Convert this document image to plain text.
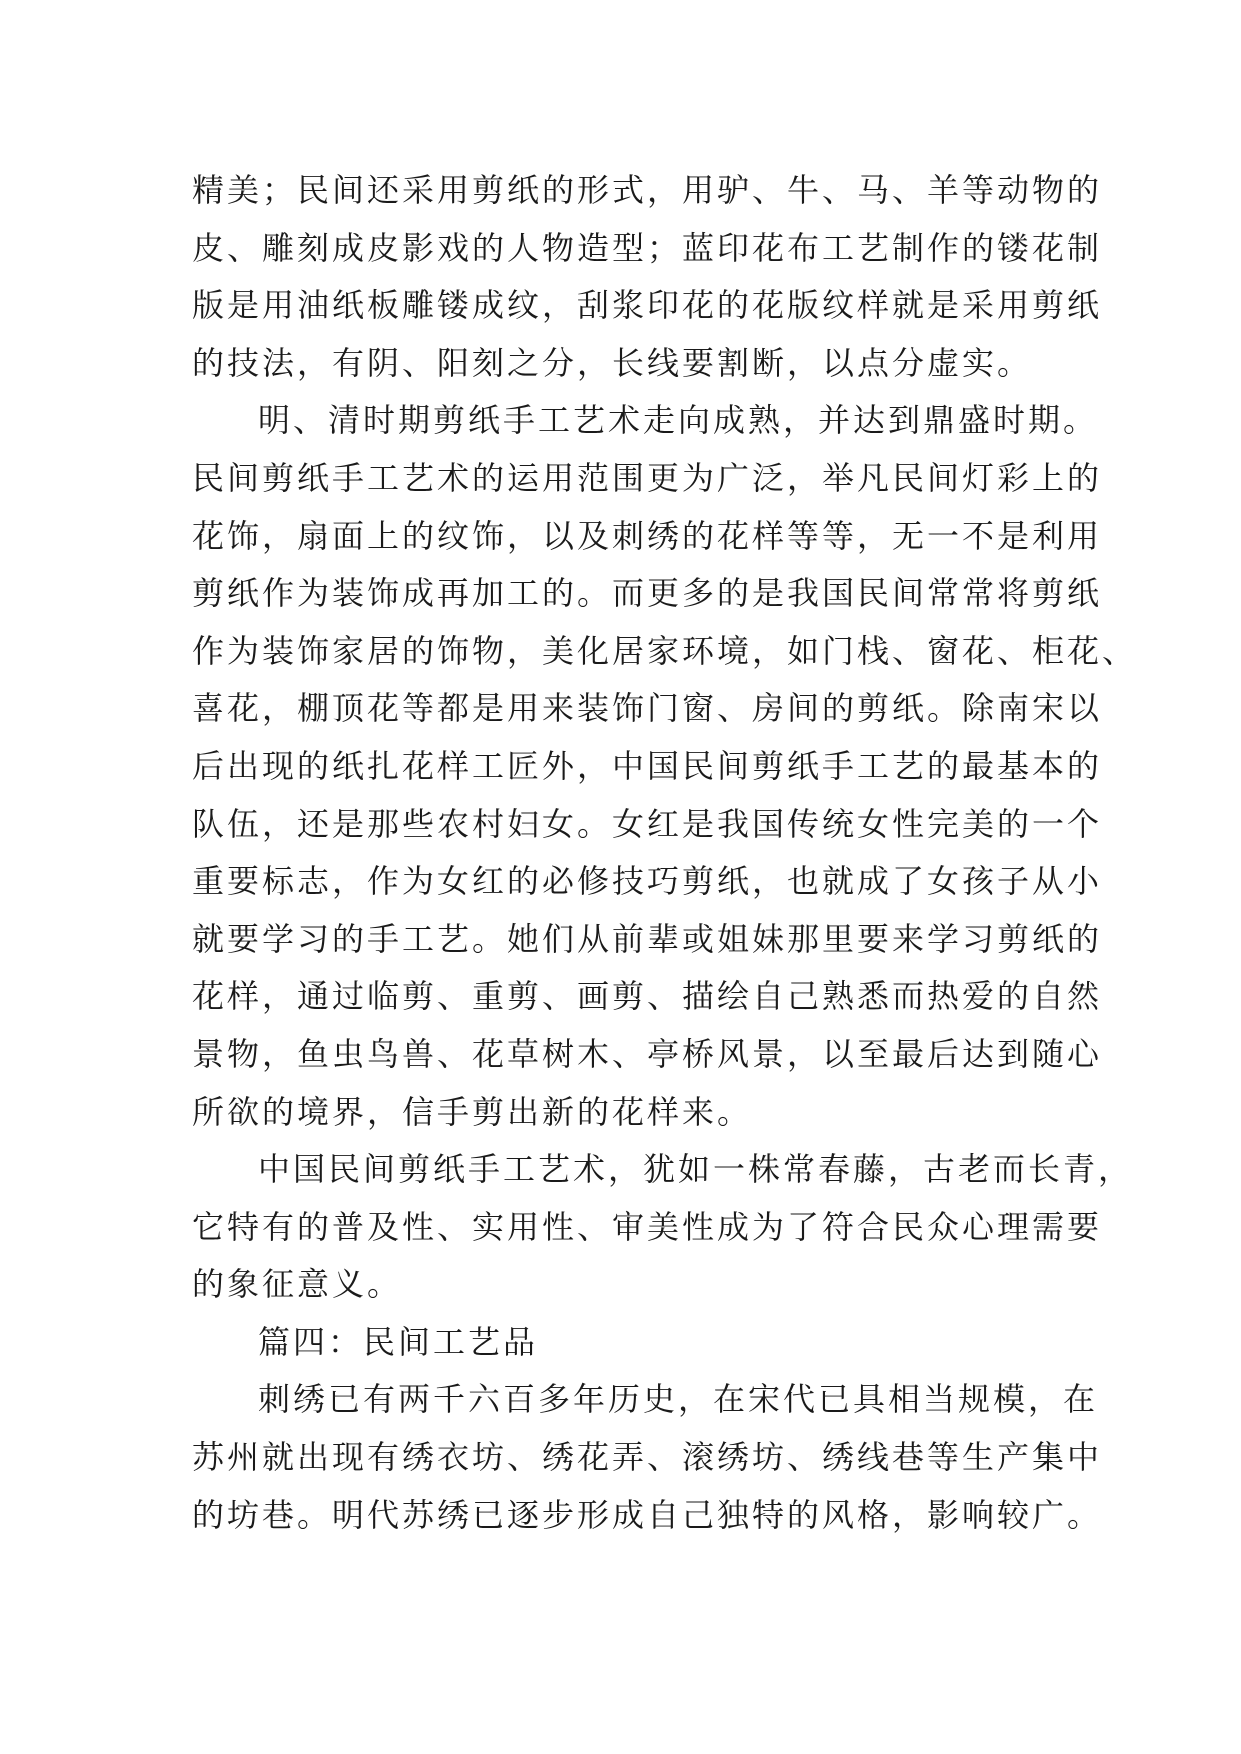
精美；民间还采用剪纸的形式，用驴、牛、马、羊等动物的
皮、雕刻成皮影戏的人物造型；蓝印花布工艺制作的镂花制
版是用油纸板雕镂成纹，刮浆印花的花版纹样就是采用剪纸
的技法，有阴、阳刻之分，长线要割断，以点分虚实。
明、清时期剪纸手工艺术走向成熟，并达到鼎盛时期。
民间剪纸手工艺术的运用范围更为广泛，举凡民间灯彩上的
花饰，扇面上的纹饰，以及刺绣的花样等等，无一不是利用
剪纸作为装饰成再加工的。而更多的是我国民间常常将剪纸
作为装饰家居的饰物，美化居家环境，如门栈、窗花、柜花、
喜花，棚顶花等都是用来装饰门窗、房间的剪纸。除南宋以
后出现的纸扎花样工匠外，中国民间剪纸手工艺的最基本的
队伍，还是那些农村妇女。女红是我国传统女性完美的一个
重要标志，作为女红的必修技巧剪纸，也就成了女孩子从小
就要学习的手工艺。她们从前辈或姐妹那里要来学习剪纸的
花样，通过临剪、重剪、画剪、描绘自己熟悉而热爱的自然
景物，鱼虫鸟兽、花草树木、亭桥风景，以至最后达到随心
所欲的境界，信手剪出新的花样来。
中国民间剪纸手工艺术，犹如一株常春藤，古老而长青，
它特有的普及性、实用性、审美性成为了符合民众心理需要
的象征意义。
篇四：民间工艺品
刺绣已有两千六百多年历史，在宋代已具相当规模，在
苏州就出现有绣衣坊、绣花弄、滚绣坊、绣线巷等生产集中
的坊巷。明代苏绣已逐步形成自己独特的风格，影响较广。
